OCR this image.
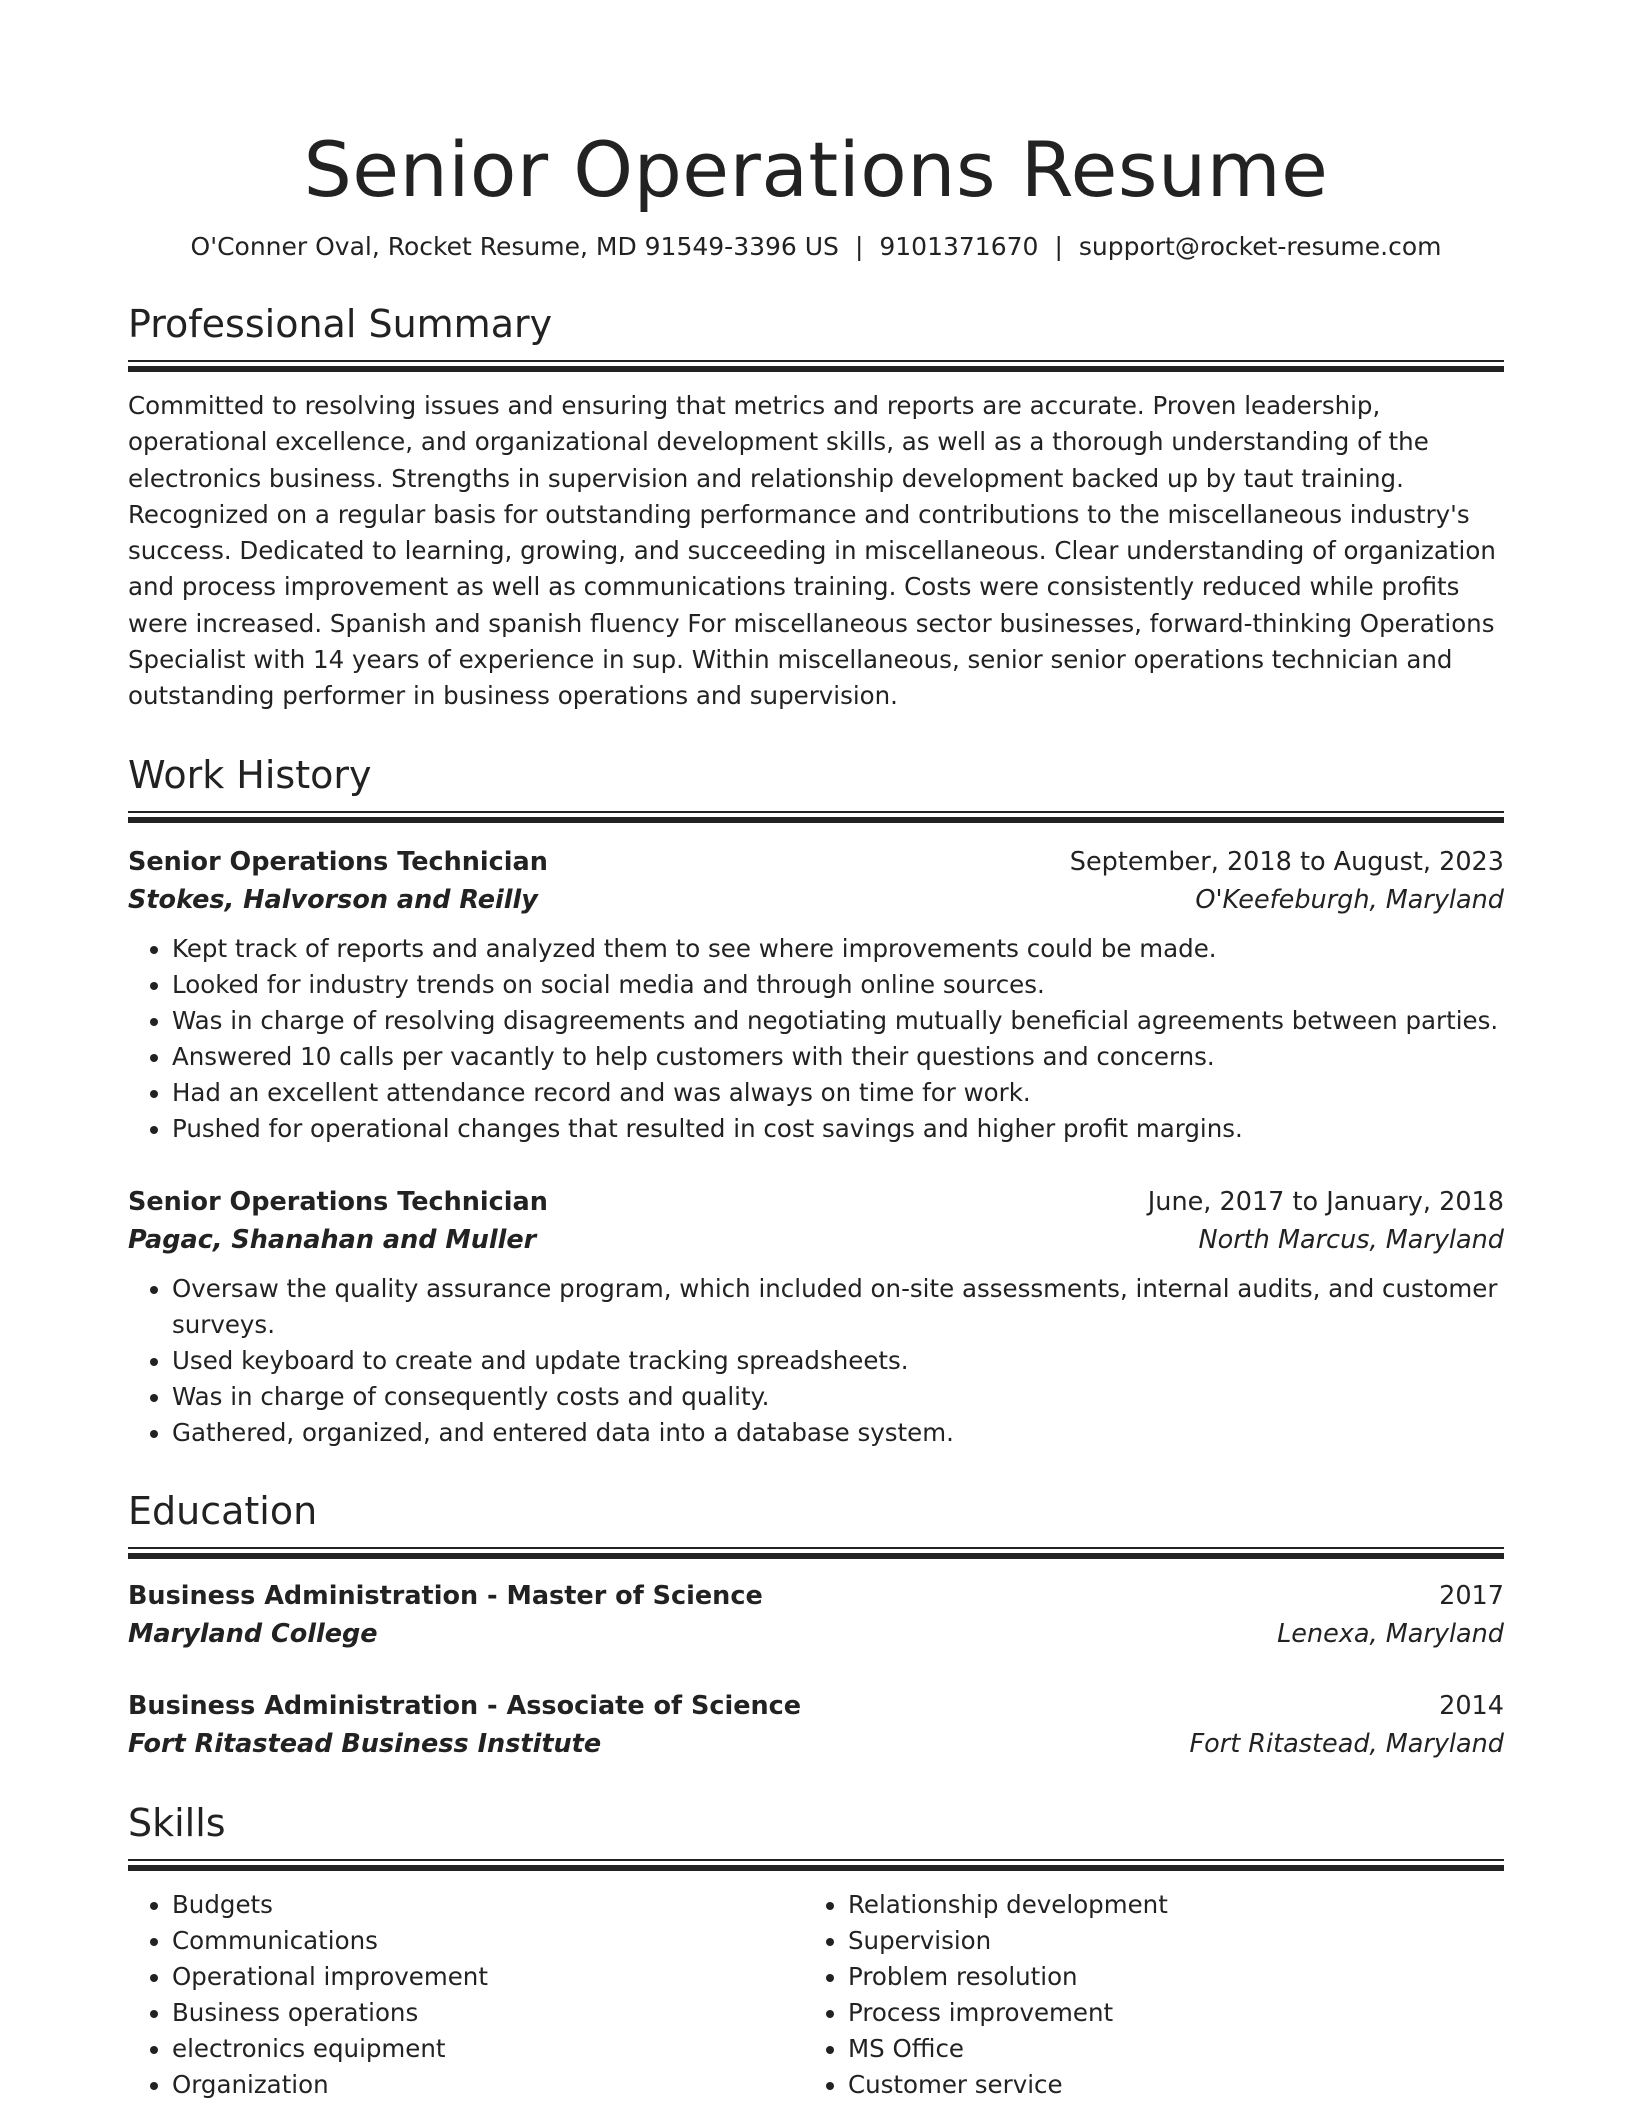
Senior Operations Resume
O'Conner Oval, Rocket Resume, MD 91549-3396 US | 9101371670 | support@rocket-resume.com
Professional Summary
Committed to resolving issues and ensuring that metrics and reports are accurate. Proven leadership, operational excellence, and organizational development skills, as well as a thorough understanding of the electronics business. Strengths in supervision and relationship development backed up by taut training. Recognized on a regular basis for outstanding performance and contributions to the miscellaneous industry's success. Dedicated to learning, growing, and succeeding in miscellaneous. Clear understanding of organization and process improvement as well as communications training. Costs were consistently reduced while profits were increased. Spanish and spanish fluency For miscellaneous sector businesses, forward-thinking Operations Specialist with 14 years of experience in sup. Within miscellaneous, senior senior operations technician and outstanding performer in business operations and supervision.
Work History
Senior Operations Technician	September, 2018 to August, 2023
Stokes, Halvorson and Reilly	O'Keefeburgh, Maryland
• Kept track of reports and analyzed them to see where improvements could be made.
• Looked for industry trends on social media and through online sources.
• Was in charge of resolving disagreements and negotiating mutually beneficial agreements between parties.
• Answered 10 calls per vacantly to help customers with their questions and concerns.
• Had an excellent attendance record and was always on time for work.
• Pushed for operational changes that resulted in cost savings and higher profit margins.
Senior Operations Technician	June, 2017 to January, 2018
Pagac, Shanahan and Muller	North Marcus, Maryland
• Oversaw the quality assurance program, which included on-site assessments, internal audits, and customer surveys.
• Used keyboard to create and update tracking spreadsheets.
• Was in charge of consequently costs and quality.
• Gathered, organized, and entered data into a database system.
Education
Business Administration - Master of Science	2017
Maryland College	Lenexa, Maryland
Business Administration - Associate of Science	2014
Fort Ritastead Business Institute	Fort Ritastead, Maryland
Skills
• Budgets
• Communications
• Operational improvement
• Business operations
• electronics equipment
• Organization
• Relationship development
• Supervision
• Problem resolution
• Process improvement
• MS Office
• Customer service
